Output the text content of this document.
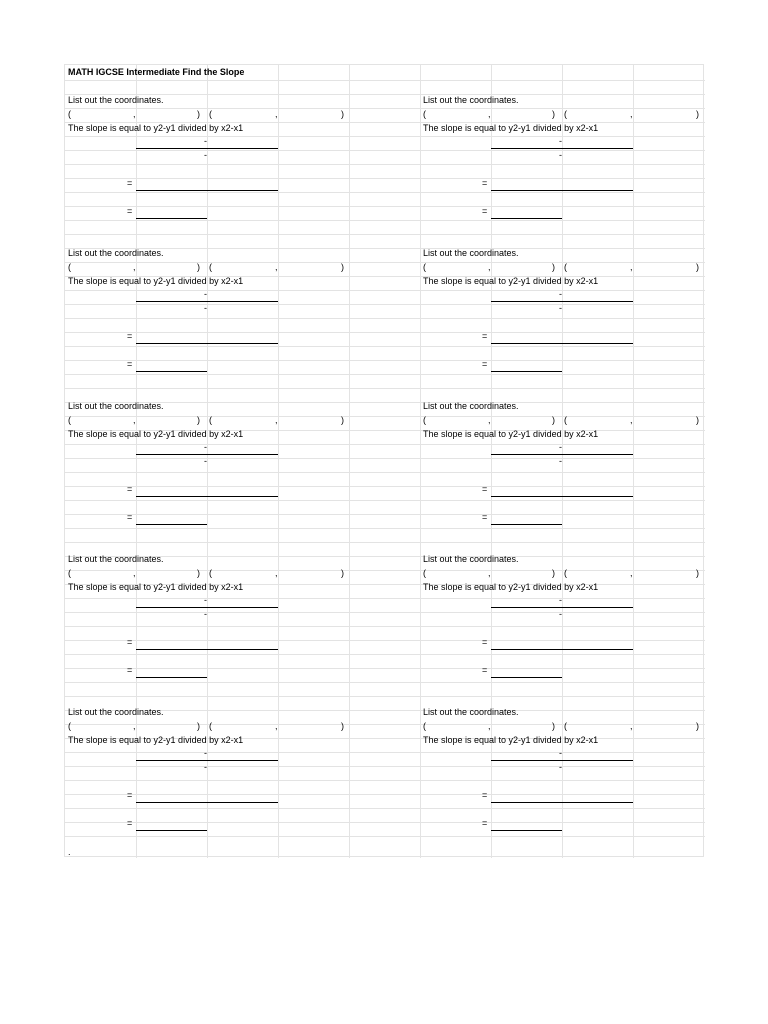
MATH IGCSE Intermediate Find the Slope
List out the coordinates.
(	,	) (	,	)
The slope is equal to y2-y1 divided by x2-x1
-
-
=
=
List out the coordinates.
(	,	) (	,	)
The slope is equal to y2-y1 divided by x2-x1
-
-
=
=
List out the coordinates.
(	,	) (	,	)
The slope is equal to y2-y1 divided by x2-x1
-
-
=
=
List out the coordinates.
(	,	) (	,	)
The slope is equal to y2-y1 divided by x2-x1
-
-
=
=
List out the coordinates.
(	,	) (	,	)
The slope is equal to y2-y1 divided by x2-x1
-
-
=
=
List out the coordinates.
(	,	) (	,	)
The slope is equal to y2-y1 divided by x2-x1
-
-
=
=
List out the coordinates.
(	,	) (	,	)
The slope is equal to y2-y1 divided by x2-x1
-
-
=
=
List out the coordinates.
(	,	) (	,	)
The slope is equal to y2-y1 divided by x2-x1
-
-
=
=
List out the coordinates.
(	,	) (	,	)
The slope is equal to y2-y1 divided by x2-x1
-
-
=
=
List out the coordinates.
(	,	) (	,	)
The slope is equal to y2-y1 divided by x2-x1
-
-
=
=
.
